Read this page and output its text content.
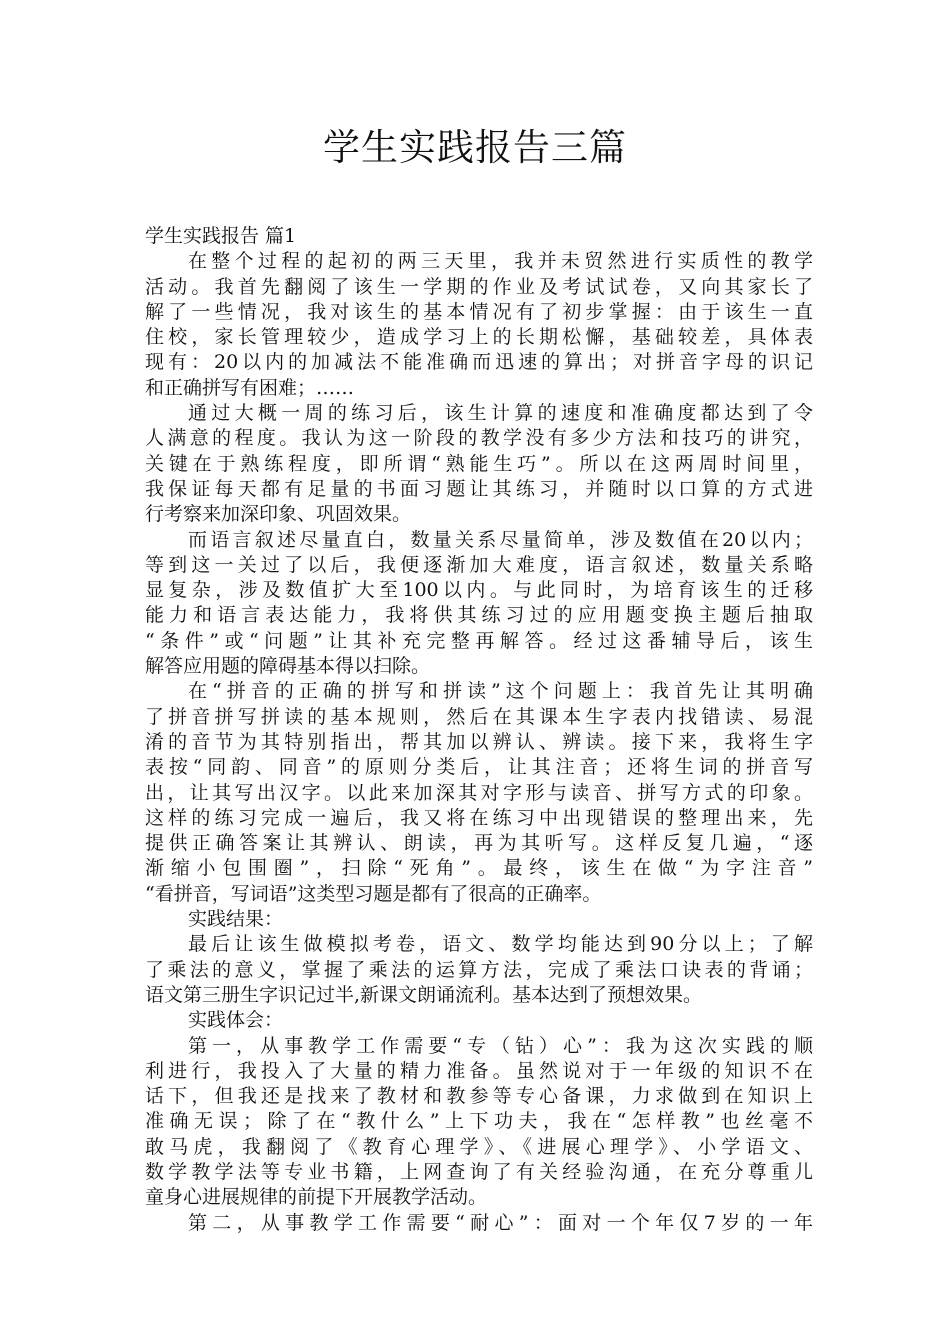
学生实践报告三篇
学生实践报告 篇1
在整个过程的起初的两三天里，我并未贸然进行实质性的教学
活动。我首先翻阅了该生一学期的作业及考试试卷，又向其家长了
解了一些情况，我对该生的基本情况有了初步掌握：由于该生一直
住校，家长管理较少，造成学习上的长期松懈，基础较差，具体表
现有：20以内的加减法不能准确而迅速的算出；对拼音字母的识记
和正确拼写有困难；……
通过大概一周的练习后，该生计算的速度和准确度都达到了令
人满意的程度。我认为这一阶段的教学没有多少方法和技巧的讲究，
关键在于熟练程度，即所谓“熟能生巧”。所以在这两周时间里，
我保证每天都有足量的书面习题让其练习，并随时以口算的方式进
行考察来加深印象、巩固效果。
而语言叙述尽量直白，数量关系尽量简单，涉及数值在20以内；
等到这一关过了以后，我便逐渐加大难度，语言叙述，数量关系略
显复杂，涉及数值扩大至100以内。与此同时，为培育该生的迁移
能力和语言表达能力，我将供其练习过的应用题变换主题后抽取
“条件”或“问题”让其补充完整再解答。经过这番辅导后，该生
解答应用题的障碍基本得以扫除。
在“拼音的正确的拼写和拼读”这个问题上：我首先让其明确
了拼音拼写拼读的基本规则，然后在其课本生字表内找错读、易混
淆的音节为其特别指出，帮其加以辨认、辨读。接下来，我将生字
表按“同韵、同音”的原则分类后，让其注音；还将生词的拼音写
出，让其写出汉字。以此来加深其对字形与读音、拼写方式的印象。
这样的练习完成一遍后，我又将在练习中出现错误的整理出来，先
提供正确答案让其辨认、朗读，再为其听写。这样反复几遍，“逐
渐缩小包围圈”，扫除“死角”。最终，该生在做“为字注音”
“看拼音，写词语”这类型习题是都有了很高的正确率。
实践结果：
最后让该生做模拟考卷，语文、数学均能达到90分以上；了解
了乘法的意义，掌握了乘法的运算方法，完成了乘法口诀表的背诵；
语文第三册生字识记过半,新课文朗诵流利。基本达到了预想效果。
实践体会：
第一，从事教学工作需要“专（钻）心”：我为这次实践的顺
利进行，我投入了大量的精力准备。虽然说对于一年级的知识不在
话下，但我还是找来了教材和教参等专心备课，力求做到在知识上
准确无误；除了在“教什么”上下功夫，我在“怎样教”也丝毫不
敢马虎，我翻阅了《教育心理学》、《进展心理学》、小学语文、
数学教学法等专业书籍，上网查询了有关经验沟通，在充分尊重儿
童身心进展规律的前提下开展教学活动。
第二，从事教学工作需要“耐心”：面对一个年仅7岁的一年
